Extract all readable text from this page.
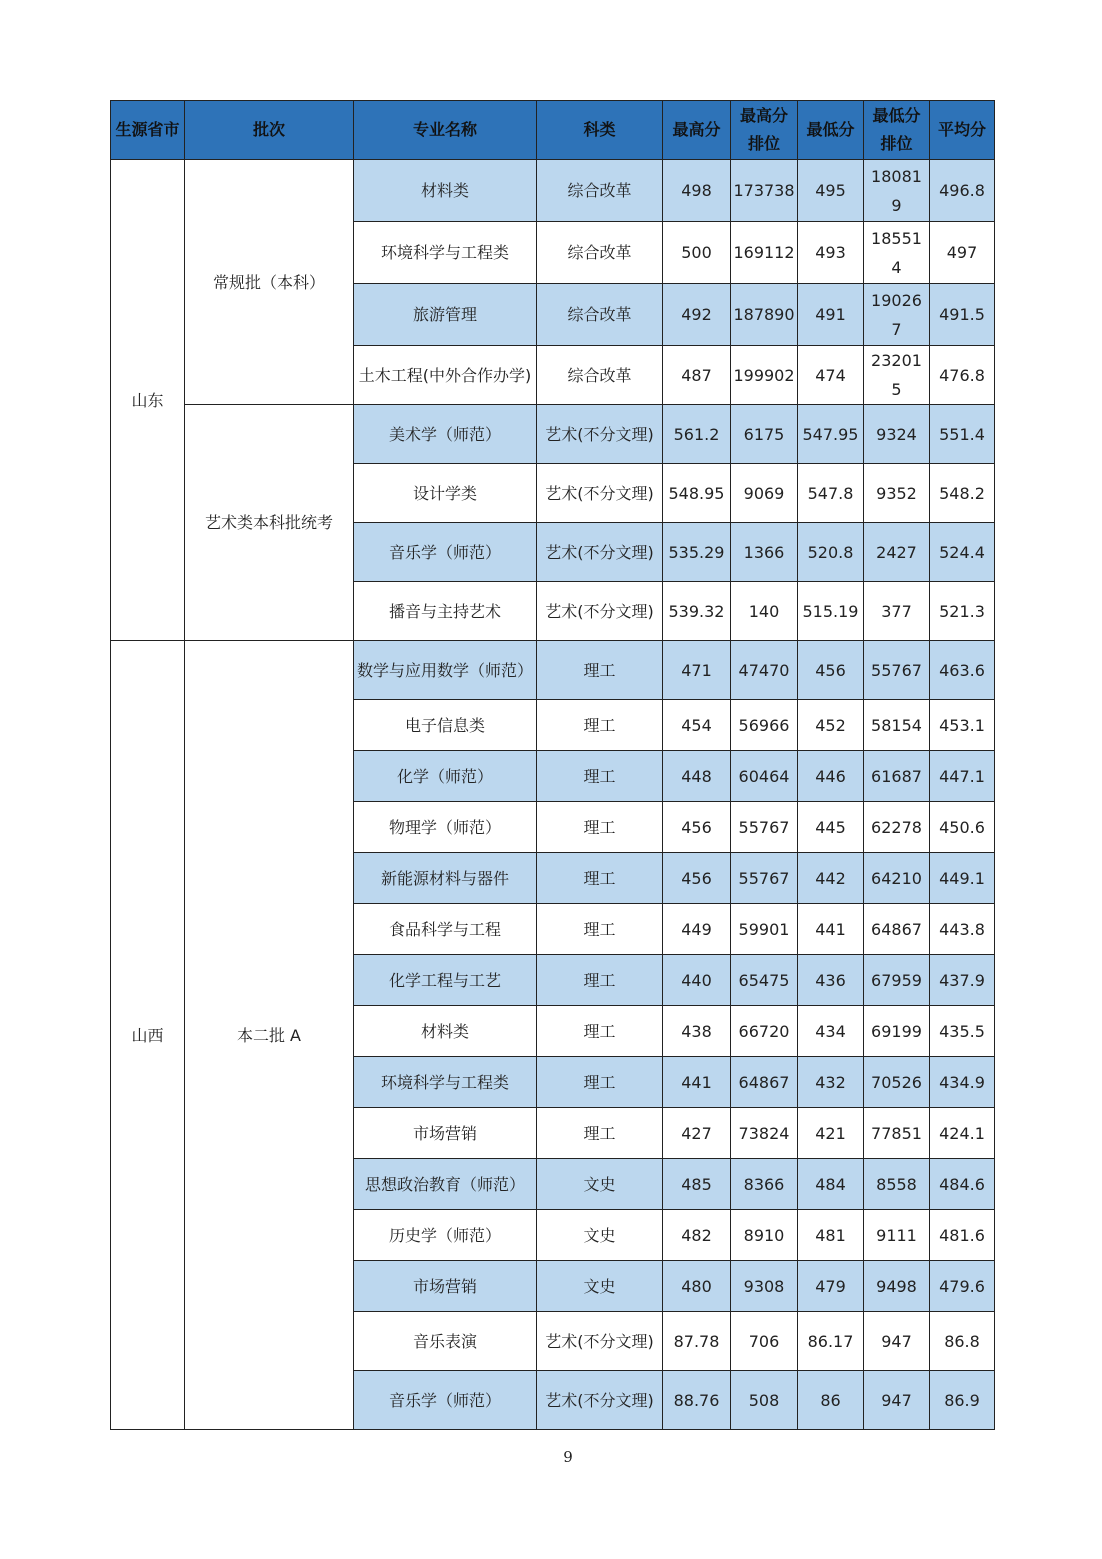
生源省市	批次	专业名称	科类	最高分	最高分排位	最低分	最低分排位	平均分
山东	常规批（本科）	材料类	综合改革	498	173738	495	180819	496.8
		环境科学与工程类	综合改革	500	169112	493	185514	497
		旅游管理	综合改革	492	187890	491	190267	491.5
		土木工程(中外合作办学)	综合改革	487	199902	474	232015	476.8
	艺术类本科批统考	美术学（师范）	艺术(不分文理)	561.2	6175	547.95	9324	551.4
		设计学类	艺术(不分文理)	548.95	9069	547.8	9352	548.2
		音乐学（师范）	艺术(不分文理)	535.29	1366	520.8	2427	524.4
		播音与主持艺术	艺术(不分文理)	539.32	140	515.19	377	521.3
山西	本二批 A	数学与应用数学（师范）	理工	471	47470	456	55767	463.6
		电子信息类	理工	454	56966	452	58154	453.1
		化学（师范）	理工	448	60464	446	61687	447.1
		物理学（师范）	理工	456	55767	445	62278	450.6
		新能源材料与器件	理工	456	55767	442	64210	449.1
		食品科学与工程	理工	449	59901	441	64867	443.8
		化学工程与工艺	理工	440	65475	436	67959	437.9
		材料类	理工	438	66720	434	69199	435.5
		环境科学与工程类	理工	441	64867	432	70526	434.9
		市场营销	理工	427	73824	421	77851	424.1
		思想政治教育（师范）	文史	485	8366	484	8558	484.6
		历史学（师范）	文史	482	8910	481	9111	481.6
		市场营销	文史	480	9308	479	9498	479.6
		音乐表演	艺术(不分文理)	87.78	706	86.17	947	86.8
		音乐学（师范）	艺术(不分文理)	88.76	508	86	947	86.9
9
